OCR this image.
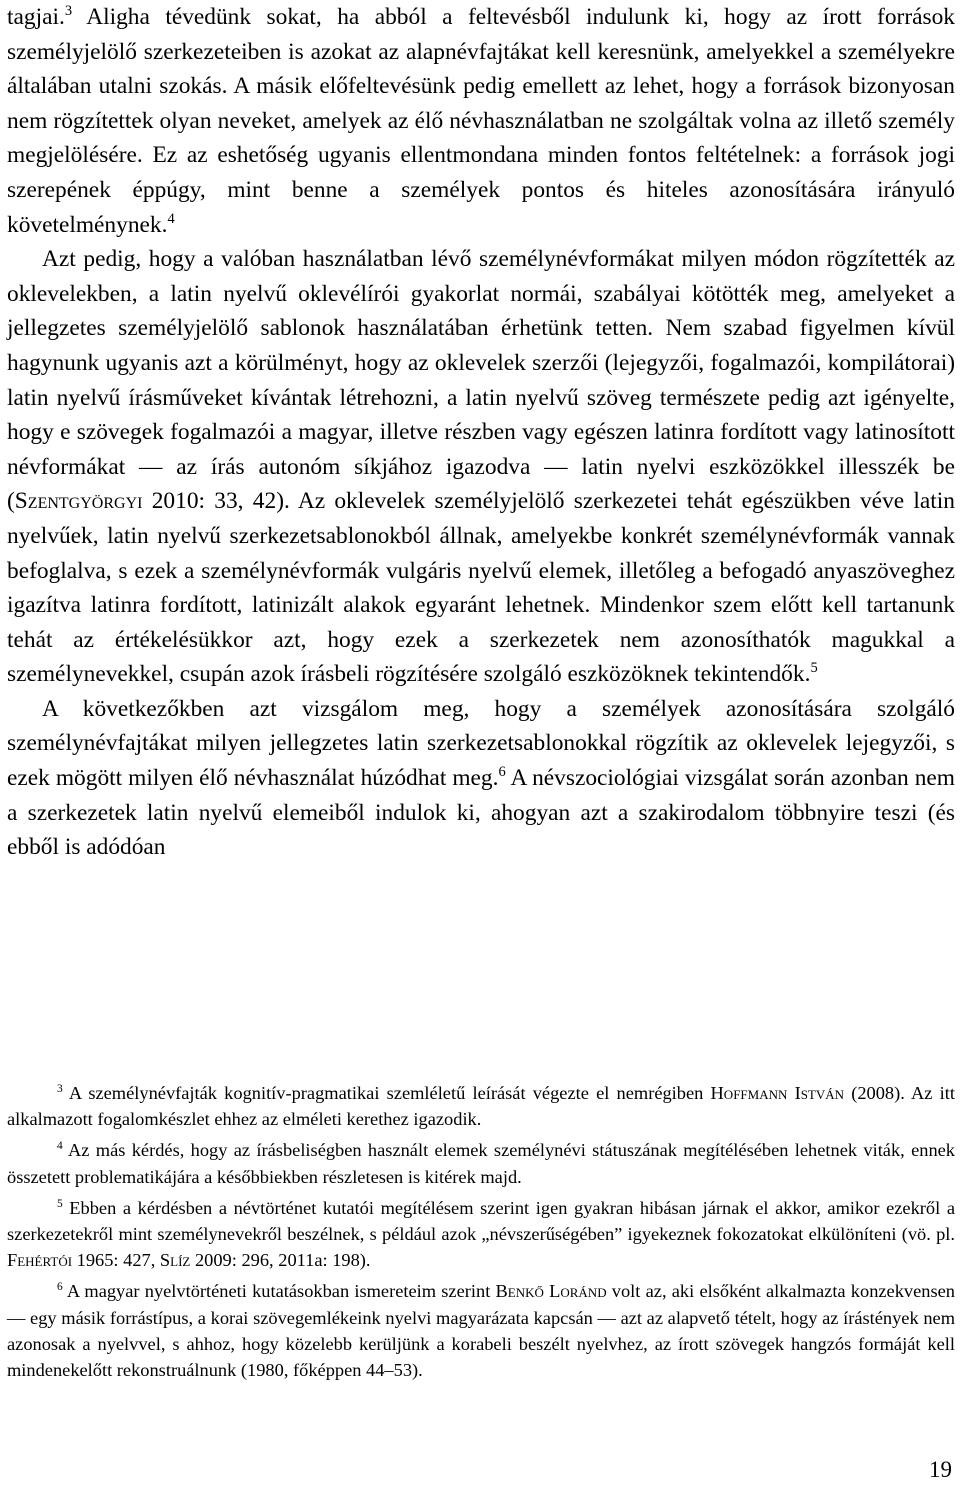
tagjai.$^3$ Aligha tévedünk sokat, ha abból a feltevésből indulunk ki, hogy az írott források személyjelölő szerkezeteiben is azokat az alapnévfajtákat kell keresnünk, amelyekkel a személyekre általában utalni szokás. A másik előfeltevésünk pedig emellett az lehet, hogy a források bizonyosan nem rögzítettek olyan neveket, amelyek az élő névhasználatban ne szolgáltak volna az illető személy megjelölésére. Ez az eshetőség ugyanis ellentmondana minden fontos feltételnek: a források jogi szerepének éppúgy, mint benne a személyek pontos és hiteles azonosítására irányuló követelménynek.$^4$

Azt pedig, hogy a valóban használatban lévő személynévformákat milyen módon rögzítették az oklevelekben, a latin nyelvű oklevélírói gyakorlat normái, szabályai kötötték meg, amelyeket a jellegzetes személyjelölő sablonok használatában érhetünk tetten. Nem szabad figyelmen kívül hagynunk ugyanis azt a körülményt, hogy az oklevelek szerzői (lejegyzői, fogalmazói, kompilátorai) latin nyelvű írásműveket kívántak létrehozni, a latin nyelvű szöveg természete pedig azt igényelte, hogy e szövegek fogalmazói a magyar, illetve részben vagy egészen latinra fordított vagy latinosított névformákat — az írás autonóm síkjához igazodva — latin nyelvi eszközökkel illesszék be (Szentgyörgyi 2010: 33, 42). Az oklevelek személyjelölő szerkezetei tehát egészükben véve latin nyelvűek, latin nyelvű szerkezetsablonokból állnak, amelyekbe konkrét személynévformák vannak befoglalva, s ezek a személynévformák vulgáris nyelvű elemek, illetőleg a befogadó anyaszöveghez igazítva latinra fordított, latinizált alakok egyaránt lehetnek. Mindenkor szem előtt kell tartanunk tehát az értékelésükkor azt, hogy ezek a szerkezetek nem azonosíthatók magukkal a személynevekkel, csupán azok írásbeli rögzítésére szolgáló eszközöknek tekintendők.$^5$

A következőkben azt vizsgálom meg, hogy a személyek azonosítására szolgáló személynévfajtákat milyen jellegzetes latin szerkezetsablonokkal rögzítik az oklevelek lejegyzői, s ezek mögött milyen élő névhasználat húzódhat meg.$^6$ A névszociológiai vizsgálat során azonban nem a szerkezetek latin nyelvű elemeiből indulok ki, ahogyan azt a szakirodalom többnyire teszi (és ebből is adódóan

$^3$ A személynévfajták kognitív-pragmatikai szemléletű leírását végezte el nemrégiben Hoffmann István (2008). Az itt alkalmazott fogalomkészlet ehhez az elméleti kerethez igazodik.

$^4$ Az más kérdés, hogy az írásbeliségben használt elemek személynévi státuszának megítélésében lehetnek viták, ennek összetett problematikájára a későbbiekben részletesen is kitérek majd.

$^5$ Ebben a kérdésben a névtörténet kutatói megítélésem szerint igen gyakran hibásan járnak el akkor, amikor ezekről a szerkezetekről mint személynevekről beszélnek, s például azok „névszerűségében” igyekeznek fokozatokat elkülöníteni (vö. pl. Fehértói 1965: 427, Slíz 2009: 296, 2011a: 198).

$^6$ A magyar nyelvtörténeti kutatásokban ismereteim szerint Benkő Loránd volt az, aki elsőként alkalmazta konzekvensen — egy másik forrástípus, a korai szövegemlékeink nyelvi magyarázata kapcsán — azt az alapvető tételt, hogy az írástények nem azonosak a nyelvvel, s ahhoz, hogy közelebb kerüljünk a korabeli beszélt nyelvhez, az írott szövegek hangzós formáját kell mindenekelőtt rekonstruálnunk (1980, főképpen 44–53).

19
